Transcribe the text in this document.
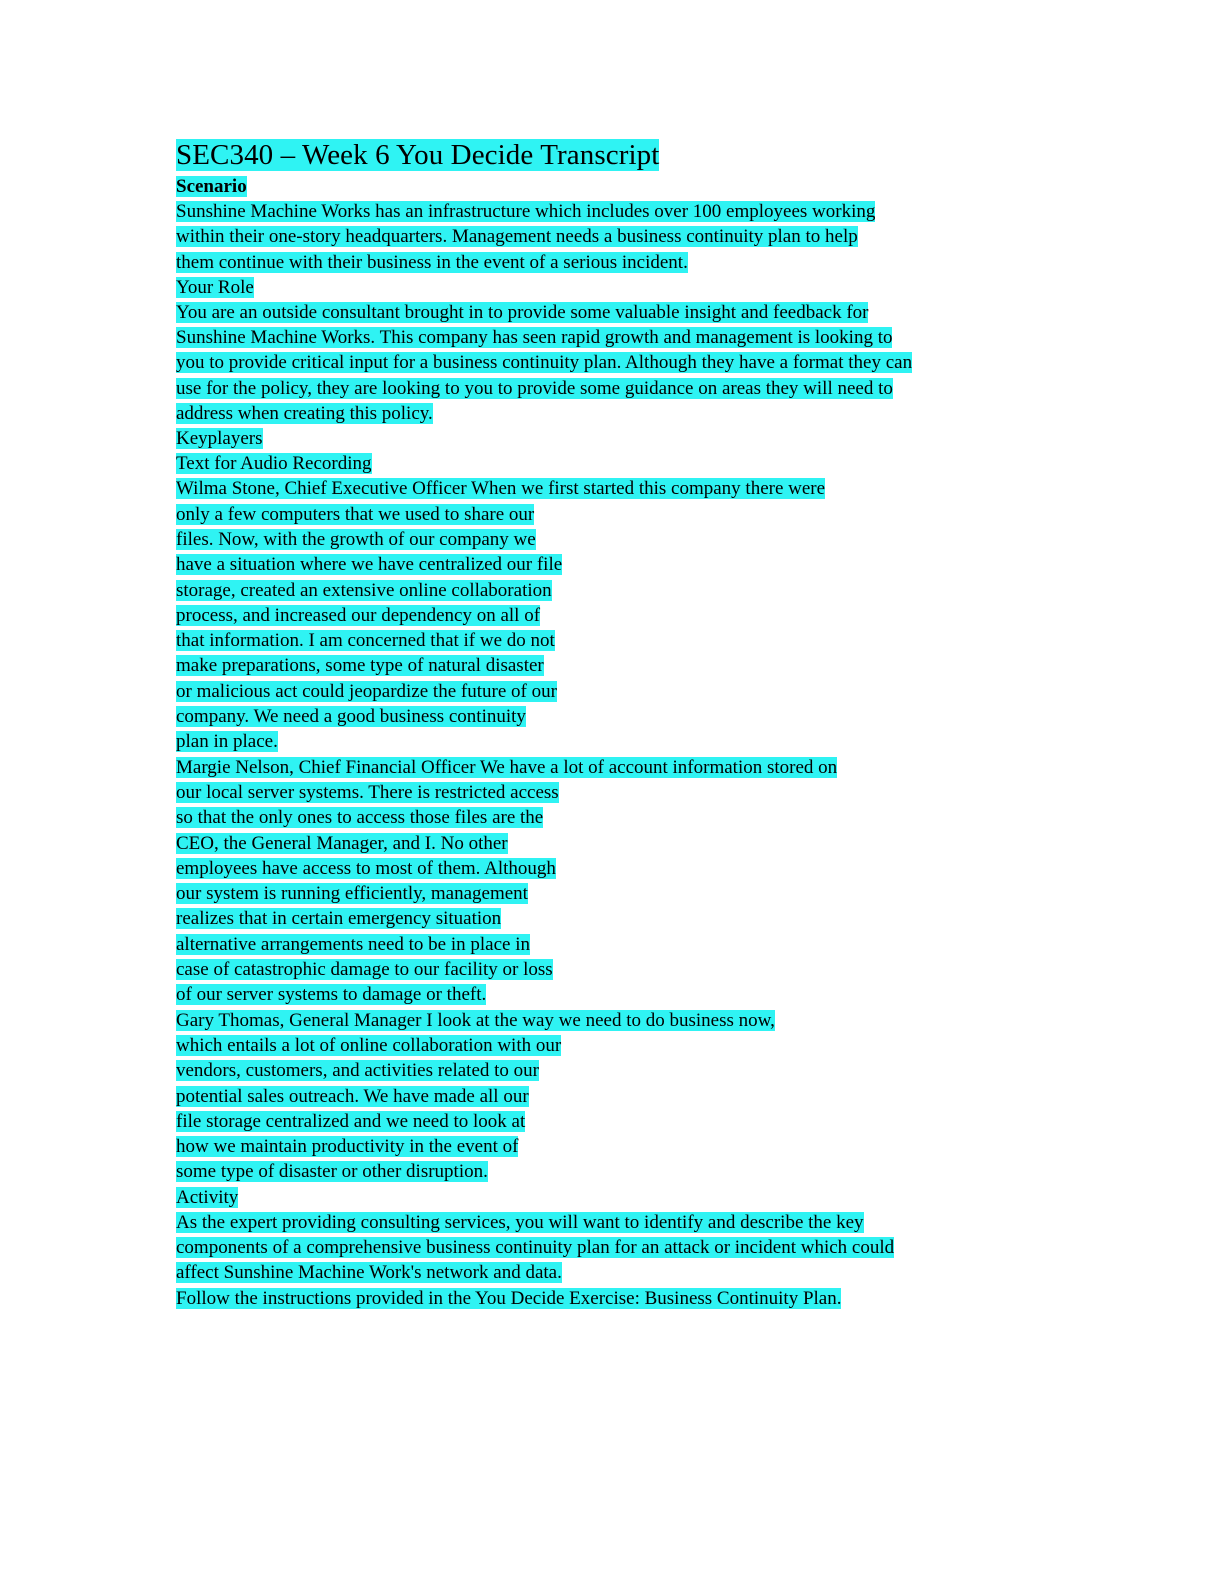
SEC340 – Week 6 You Decide Transcript

Scenario

Sunshine Machine Works has an infrastructure which includes over 100 employees working
within their one-story headquarters. Management needs a business continuity plan to help
them continue with their business in the event of a serious incident.

Your Role

You are an outside consultant brought in to provide some valuable insight and feedback for
Sunshine Machine Works. This company has seen rapid growth and management is looking to
you to provide critical input for a business continuity plan. Although they have a format they can
use for the policy, they are looking to you to provide some guidance on areas they will need to
address when creating this policy.

Keyplayers

Text for Audio Recording

Wilma Stone, Chief Executive Officer When we first started this company there were
only a few computers that we used to share our
files. Now, with the growth of our company we
have a situation where we have centralized our file
storage, created an extensive online collaboration
process, and increased our dependency on all of
that information. I am concerned that if we do not
make preparations, some type of natural disaster
or malicious act could jeopardize the future of our
company. We need a good business continuity
plan in place.

Margie Nelson, Chief Financial Officer We have a lot of account information stored on
our local server systems. There is restricted access
so that the only ones to access those files are the
CEO, the General Manager, and I. No other
employees have access to most of them. Although
our system is running efficiently, management
realizes that in certain emergency situation
alternative arrangements need to be in place in
case of catastrophic damage to our facility or loss
of our server systems to damage or theft.

Gary Thomas, General Manager I look at the way we need to do business now,
which entails a lot of online collaboration with our
vendors, customers, and activities related to our
potential sales outreach. We have made all our
file storage centralized and we need to look at
how we maintain productivity in the event of
some type of disaster or other disruption.

Activity

As the expert providing consulting services, you will want to identify and describe the key
components of a comprehensive business continuity plan for an attack or incident which could
affect Sunshine Machine Work's network and data.
Follow the instructions provided in the You Decide Exercise: Business Continuity Plan.
